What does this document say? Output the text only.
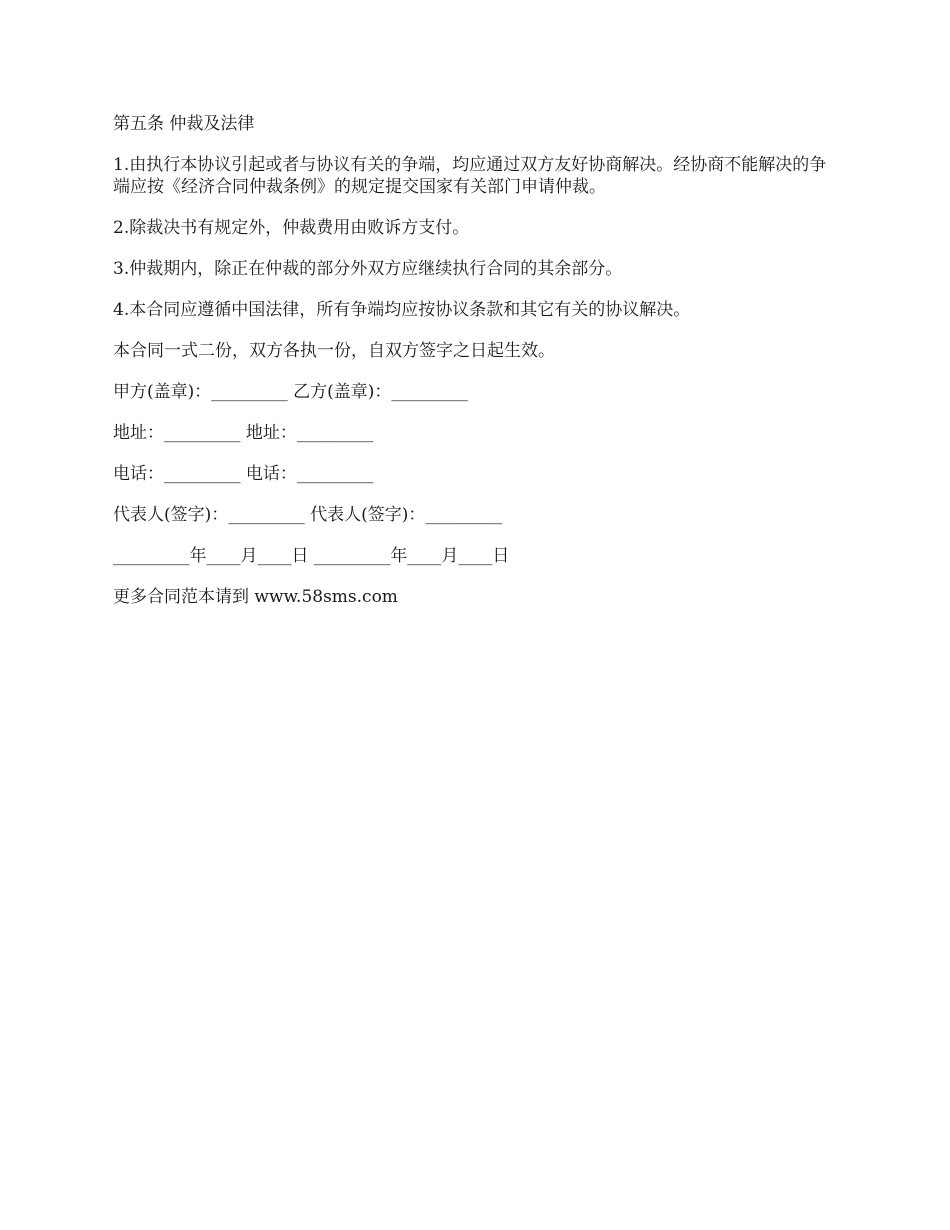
第五条 仲裁及法律

1.由执行本协议引起或者与协议有关的争端，均应通过双方友好协商解决。经协商不能解决的争端应按《经济合同仲裁条例》的规定提交国家有关部门申请仲裁。

2.除裁决书有规定外，仲裁费用由败诉方支付。

3.仲裁期内，除正在仲裁的部分外双方应继续执行合同的其余部分。

4.本合同应遵循中国法律，所有争端均应按协议条款和其它有关的协议解决。

本合同一式二份，双方各执一份，自双方签字之日起生效。

甲方(盖章)：_________ 乙方(盖章)：_________

地址：_________ 地址：_________

电话：_________ 电话：_________

代表人(签字)：_________ 代表人(签字)：_________

_________年____月____日 _________年____月____日

更多合同范本请到 www.58sms.com
